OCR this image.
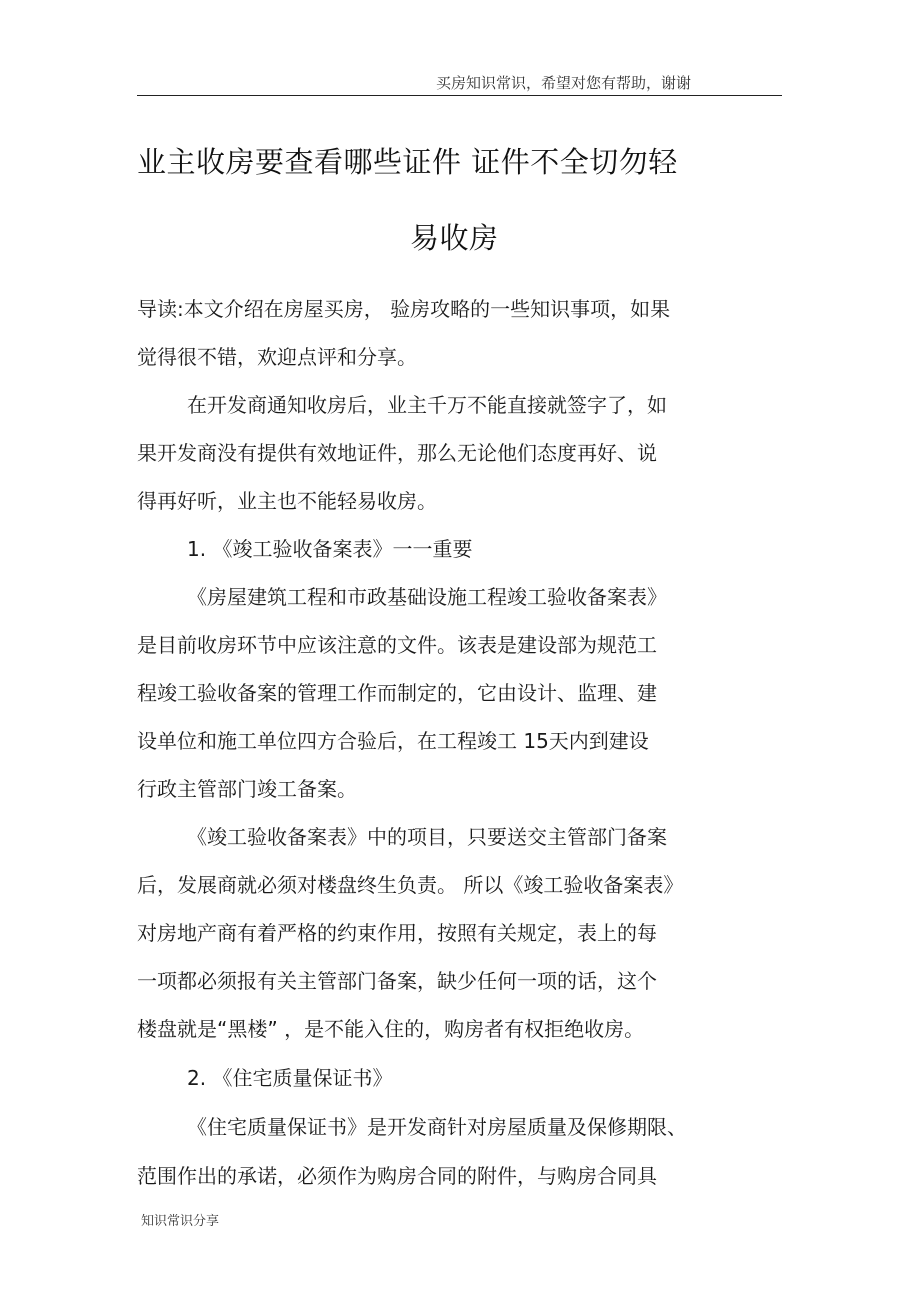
买房知识常识，希望对您有帮助，谢谢
业主收房要查看哪些证件 证件不全切勿轻
易收房
导读:本文介绍在房屋买房， 验房攻略的一些知识事项，如果
觉得很不错，欢迎点评和分享。
在开发商通知收房后，业主千万不能直接就签字了，如
果开发商没有提供有效地证件，那么无论他们态度再好、说
得再好听，业主也不能轻易收房。
1. 《竣工验收备案表》一一重要
《房屋建筑工程和市政基础设施工程竣工验收备案表》
是目前收房环节中应该注意的文件。该表是建设部为规范工
程竣工验收备案的管理工作而制定的，它由设计、监理、建
设单位和施工单位四方合验后，在工程竣工 15天内到建设
行政主管部门竣工备案。
《竣工验收备案表》中的项目，只要送交主管部门备案
后，发展商就必须对楼盘终生负责。 所以《竣工验收备案表》
对房地产商有着严格的约束作用，按照有关规定，表上的每
一项都必须报有关主管部门备案，缺少任何一项的话，这个
楼盘就是“黑楼” ，是不能入住的，购房者有权拒绝收房。
2. 《住宅质量保证书》
《住宅质量保证书》是开发商针对房屋质量及保修期限、
范围作出的承诺，必须作为购房合同的附件，与购房合同具
知识常识分享
